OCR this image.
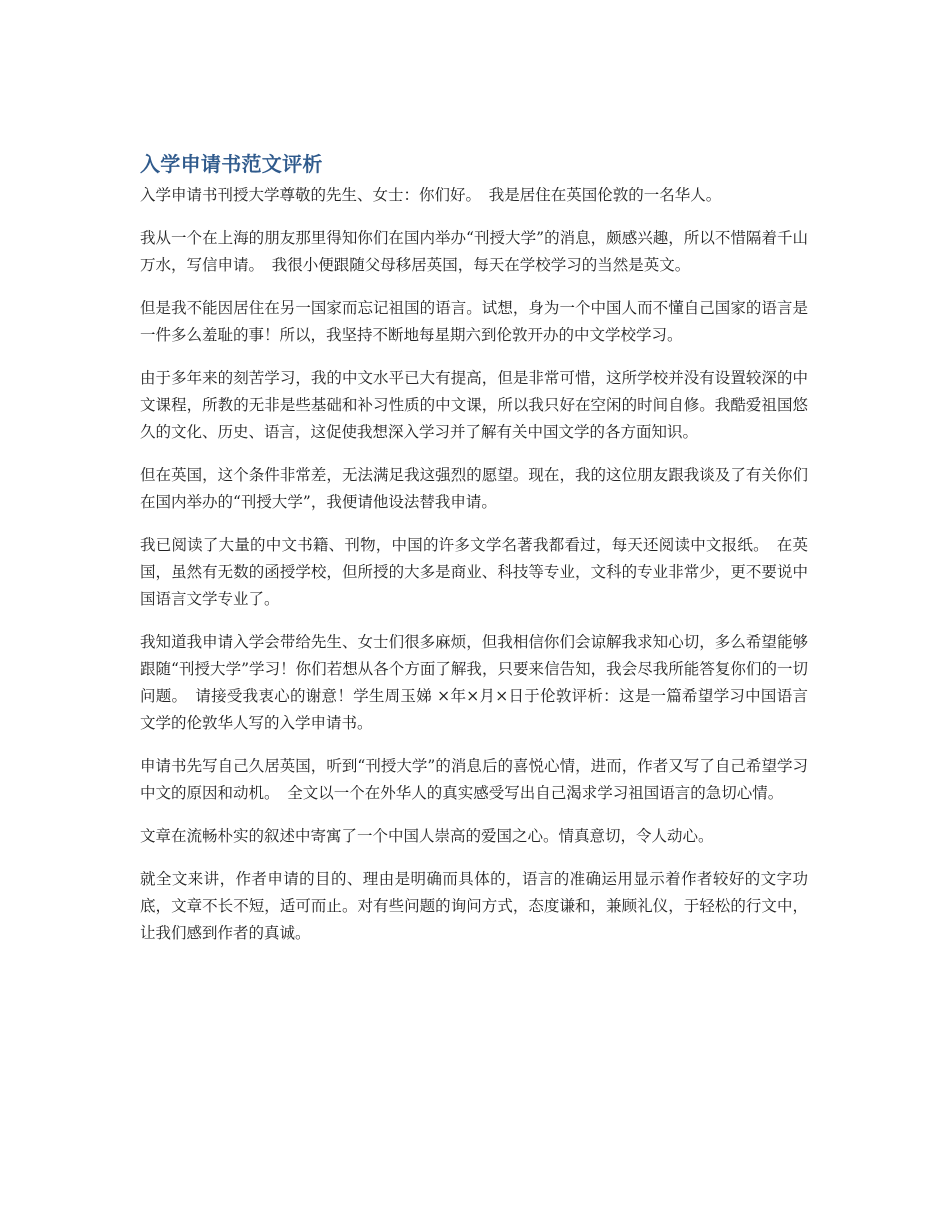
入学申请书范文评析

入学申请书刊授大学尊敬的先生、女士：你们好。　我是居住在英国伦敦的一名华人。

我从一个在上海的朋友那里得知你们在国内举办“刊授大学”的消息，颇感兴趣，所以不惜隔着千山万水，写信申请。　我很小便跟随父母移居英国，每天在学校学习的当然是英文。

但是我不能因居住在另一国家而忘记祖国的语言。试想，身为一个中国人而不懂自己国家的语言是一件多么羞耻的事！所以，我坚持不断地每星期六到伦敦开办的中文学校学习。

由于多年来的刻苦学习，我的中文水平已大有提高，但是非常可惜，这所学校并没有设置较深的中文课程，所教的无非是些基础和补习性质的中文课，所以我只好在空闲的时间自修。我酷爱祖国悠久的文化、历史、语言，这促使我想深入学习并了解有关中国文学的各方面知识。

但在英国，这个条件非常差，无法满足我这强烈的愿望。现在，我的这位朋友跟我谈及了有关你们在国内举办的“刊授大学”，我便请他设法替我申请。

我已阅读了大量的中文书籍、刊物，中国的许多文学名著我都看过，每天还阅读中文报纸。　在英国，虽然有无数的函授学校，但所授的大多是商业、科技等专业，文科的专业非常少，更不要说中国语言文学专业了。

我知道我申请入学会带给先生、女士们很多麻烦，但我相信你们会谅解我求知心切，多么希望能够跟随“刊授大学”学习！你们若想从各个方面了解我，只要来信告知，我会尽我所能答复你们的一切问题。　请接受我衷心的谢意！学生周玉娣 ×年×月×日于伦敦评析：这是一篇希望学习中国语言文学的伦敦华人写的入学申请书。

申请书先写自己久居英国，听到“刊授大学”的消息后的喜悦心情，进而，作者又写了自己希望学习中文的原因和动机。　全文以一个在外华人的真实感受写出自己渴求学习祖国语言的急切心情。

文章在流畅朴实的叙述中寄寓了一个中国人崇高的爱国之心。情真意切，令人动心。

就全文来讲，作者申请的目的、理由是明确而具体的，语言的准确运用显示着作者较好的文字功底，文章不长不短，适可而止。对有些问题的询问方式，态度谦和，兼顾礼仪，于轻松的行文中，让我们感到作者的真诚。
